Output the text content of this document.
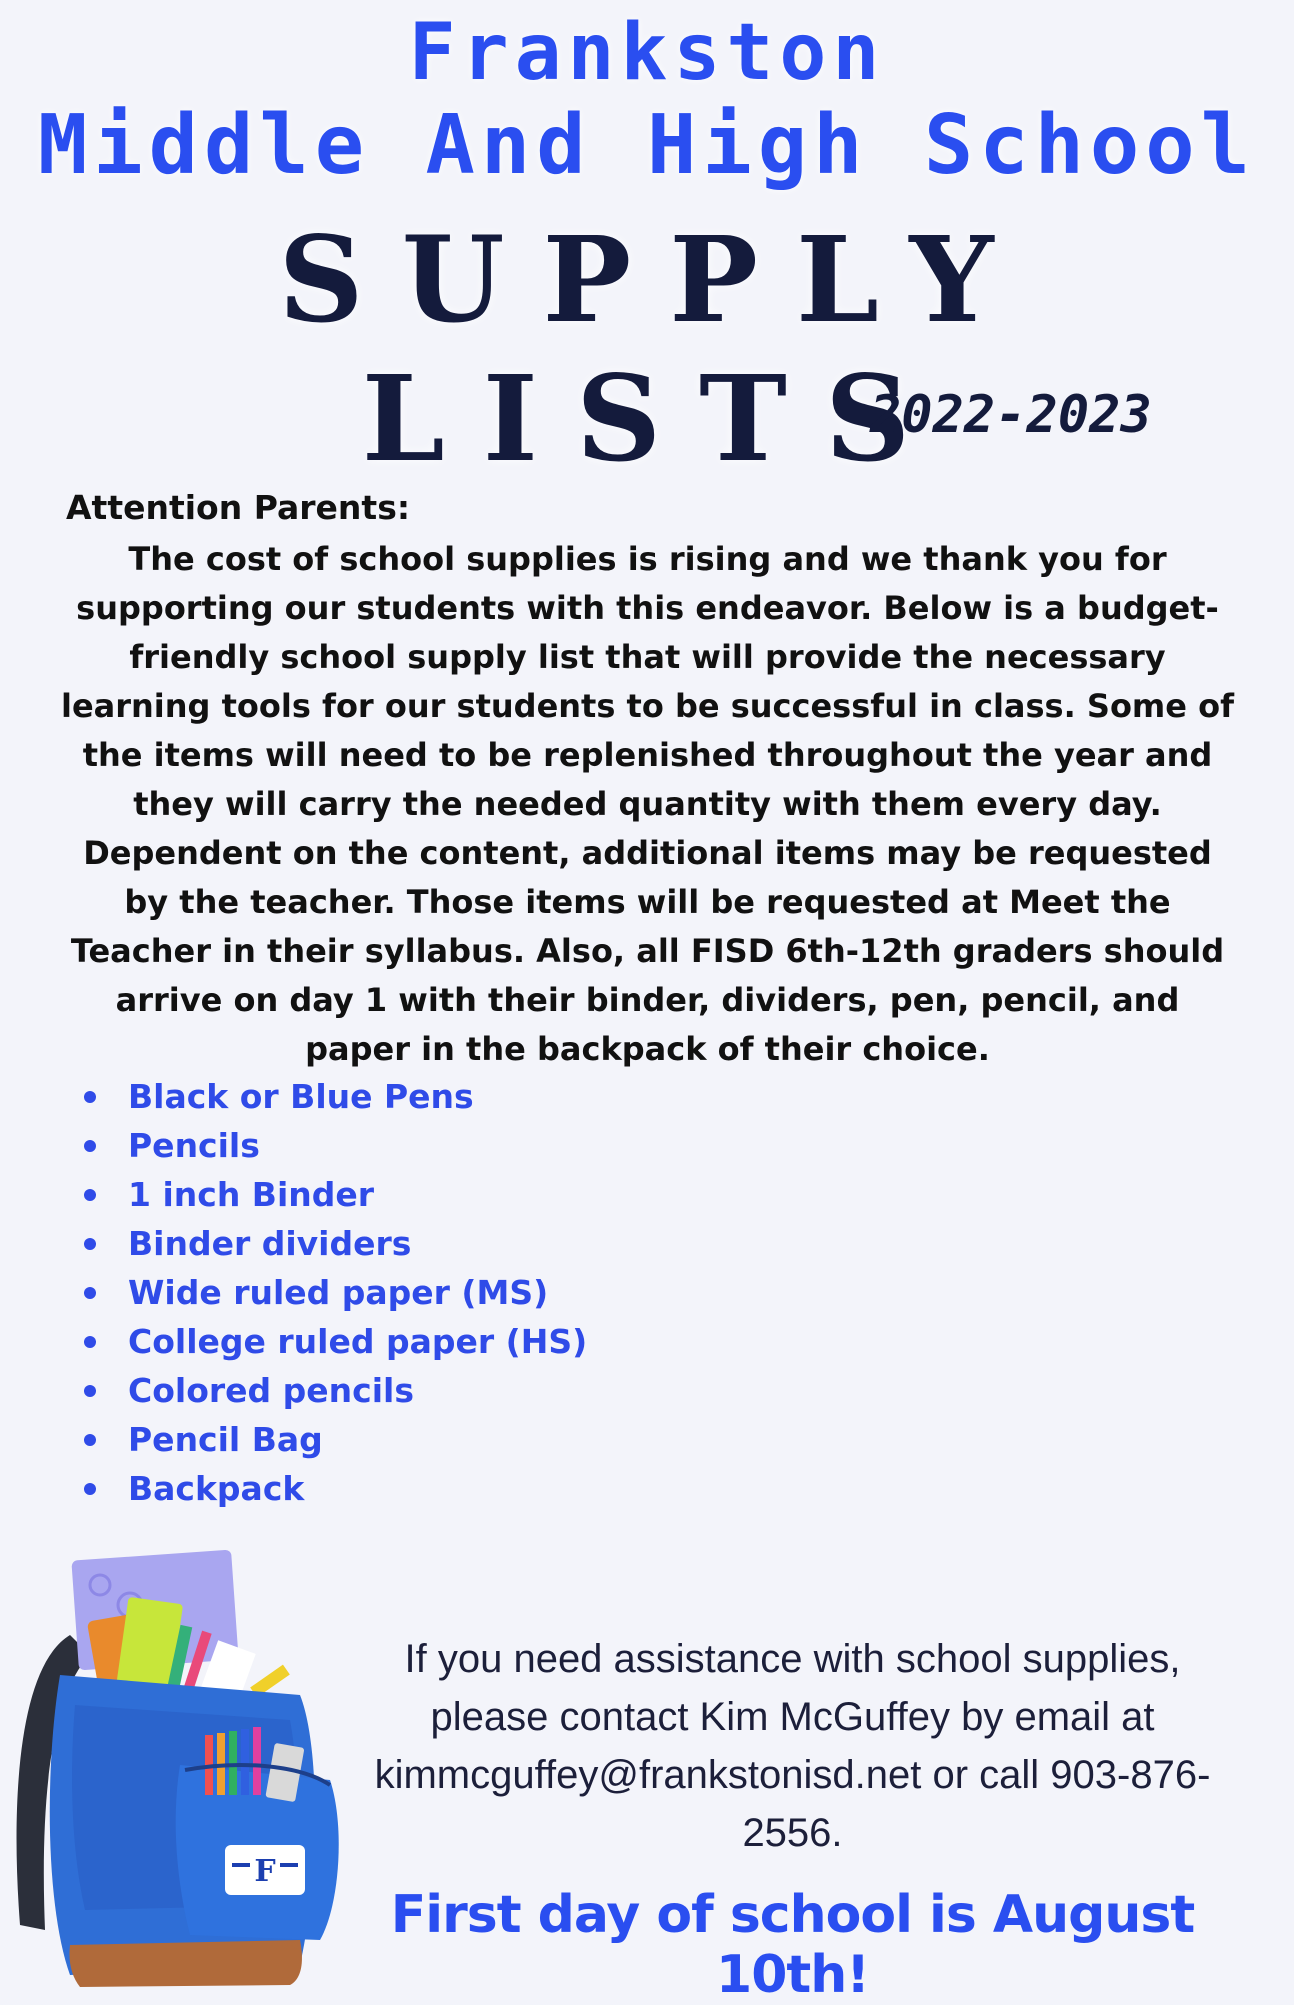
Frankston
Middle And High School
SUPPLY LISTS
2022-2023
Attention Parents:
The cost of school supplies is rising and we thank you for
supporting our students with this endeavor. Below is a budget-
friendly school supply list that will provide the necessary
learning tools for our students to be successful in class. Some of
the items will need to be replenished throughout the year and
they will carry the needed quantity with them every day.
Dependent on the content, additional items may be requested
by the teacher. Those items will be requested at Meet the
Teacher in their syllabus. Also, all FISD 6th-12th graders should
arrive on day 1 with their binder, dividers, pen, pencil, and
paper in the backpack of their choice.
Black or Blue Pens
Pencils
1 inch Binder
Binder dividers
Wide ruled paper (MS)
College ruled paper (HS)
Colored pencils
Pencil Bag
Backpack
F
If you need assistance with school supplies, please contact Kim McGuffey by email at kimmcguffey@frankstonisd.net or call 903-876-2556.
First day of school is August 10th!
